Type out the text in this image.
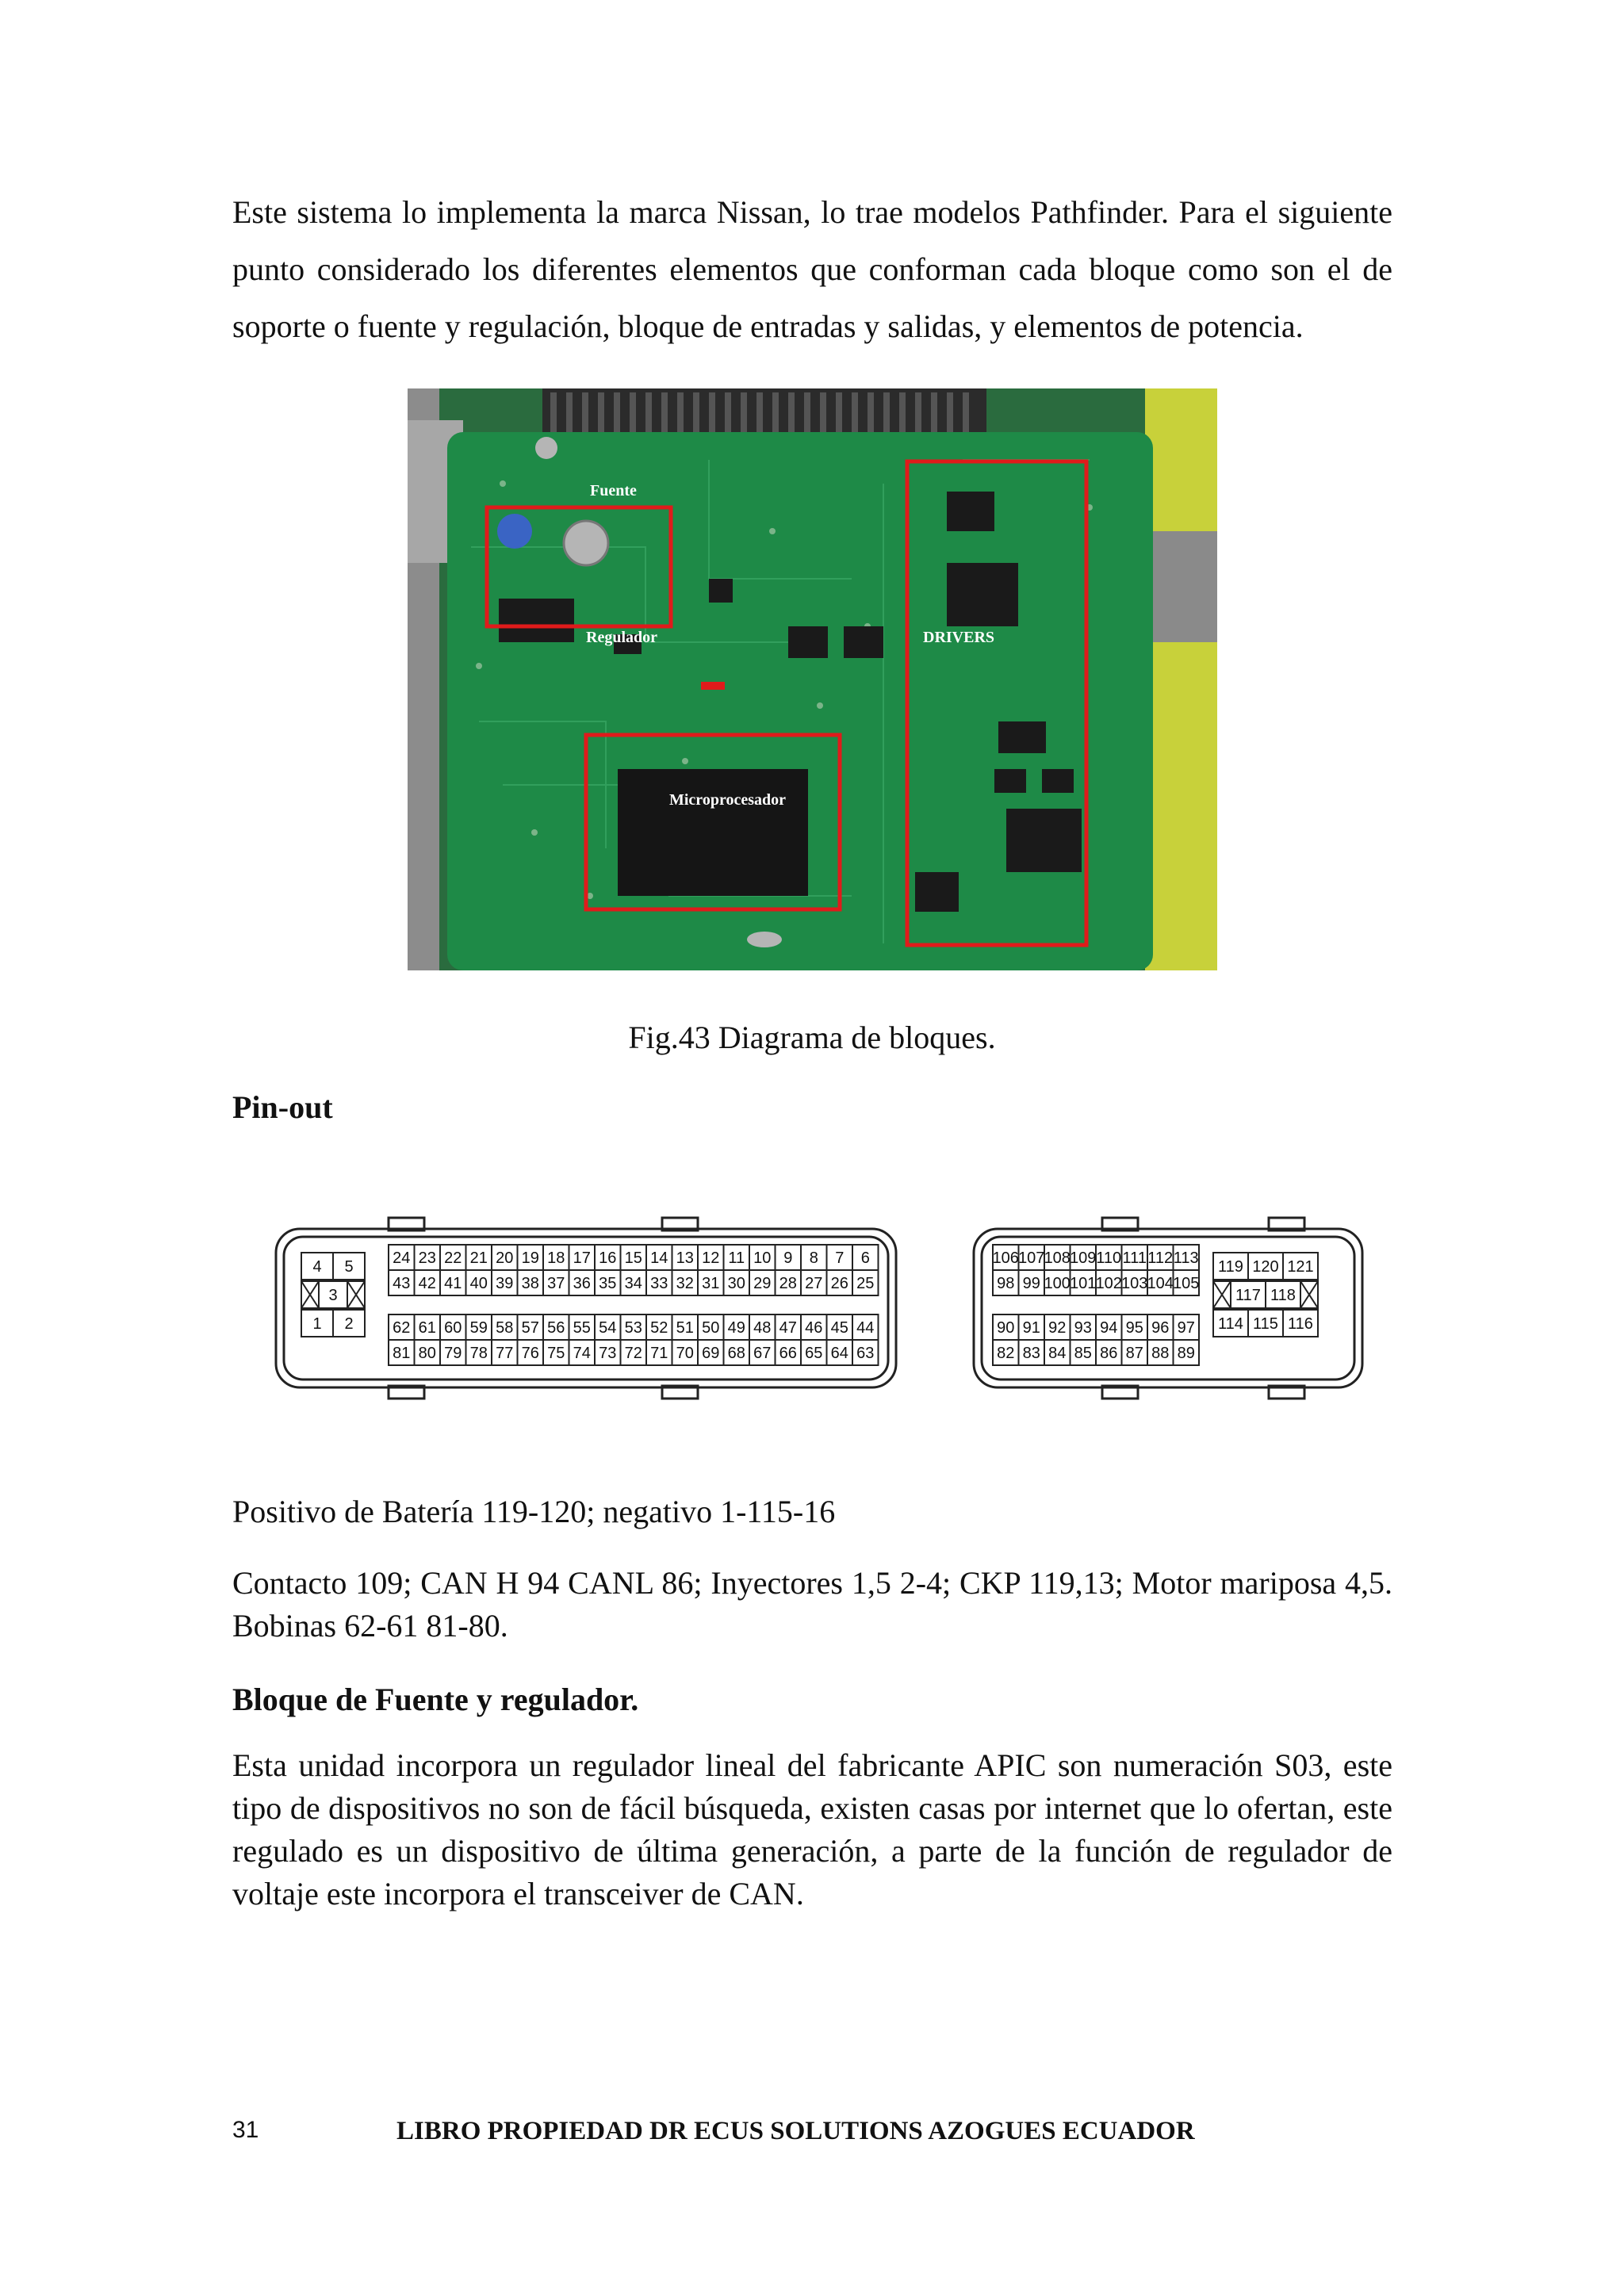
Este sistema lo implementa la marca Nissan, lo trae modelos Pathfinder. Para el siguiente punto considerado los diferentes elementos que conforman cada bloque como son el de soporte o fuente y regulación, bloque de entradas y salidas, y elementos de potencia.

Fuente
Regulador	DRIVERS
Microprocesador

Fig.43 Diagrama de bloques.

Pin-out

4 5
3
1 2
24 23 22 21 20 19 18 17 16 15 14 13 12 11 10 9 8 7 6
43 42 41 40 39 38 37 36 35 34 33 32 31 30 29 28 27 26 25
62 61 60 59 58 57 56 55 54 53 52 51 50 49 48 47 46 45 44
81 80 79 78 77 76 75 74 73 72 71 70 69 68 67 66 65 64 63
106 107 108 109 110 111 112 113
98 99 100 101 102 103 104 105
90 91 92 93 94 95 96 97
82 83 84 85 86 87 88 89
119 120 121
117 118
114 115 116

Positivo de Batería 119-120; negativo 1-115-16

Contacto 109; CAN H 94 CANL 86; Inyectores 1,5 2-4; CKP 119,13; Motor mariposa 4,5. Bobinas 62-61 81-80.

Bloque de Fuente y regulador.

Esta unidad incorpora un regulador lineal del fabricante APIC son numeración S03, este tipo de dispositivos no son de fácil búsqueda, existen casas por internet que lo ofertan, este regulado es un dispositivo de última generación, a parte de la función de regulador de voltaje este incorpora el transceiver de CAN.

31	LIBRO PROPIEDAD DR ECUS SOLUTIONS AZOGUES ECUADOR
